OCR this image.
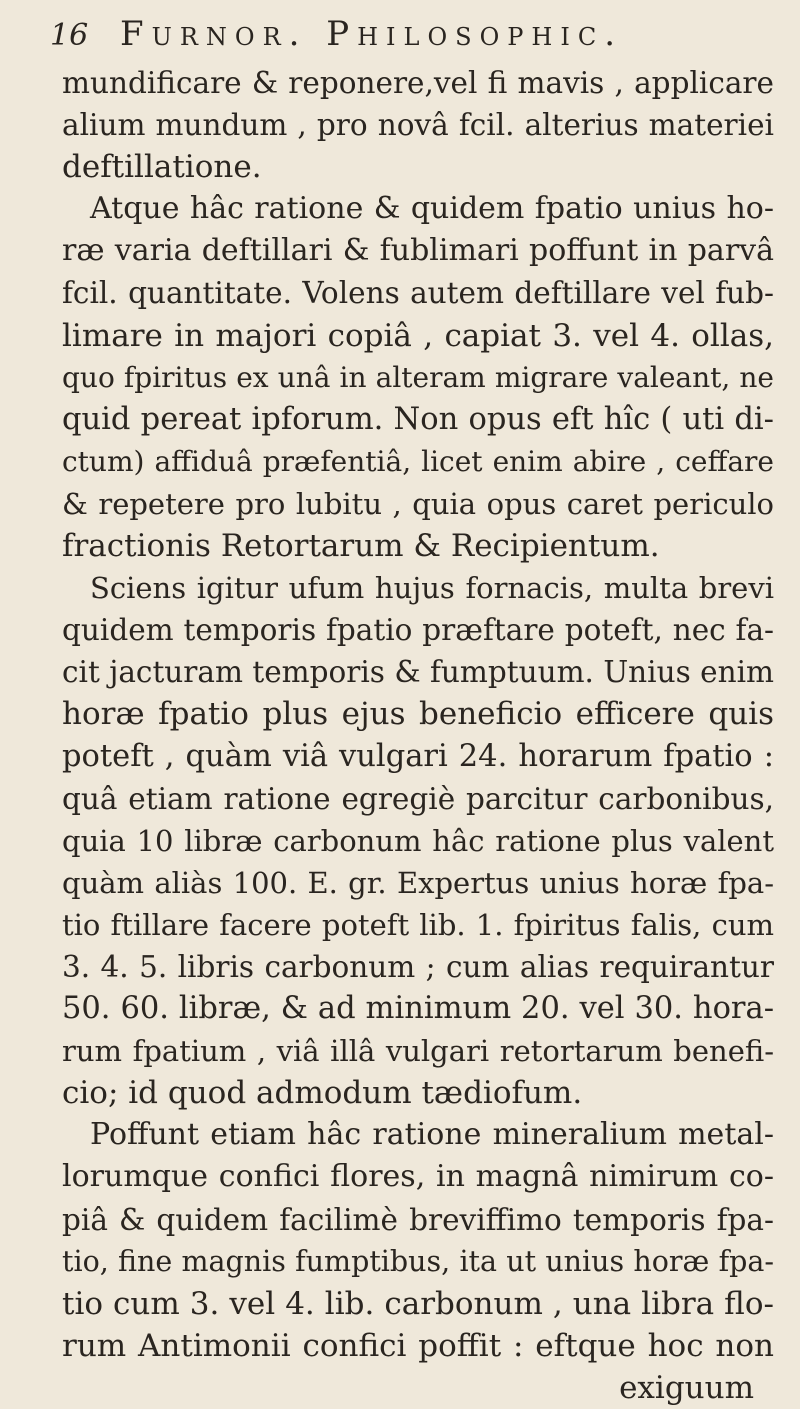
16 Furnor. Philosophic.
mundificare & reponere,vel fi mavis , applicare
alium mundum , pro novâ fcil. alterius materiei
deftillatione.
Atque hâc ratione & quidem fpatio unius ho-
ræ varia deftillari & fublimari poffunt in parvâ
fcil. quantitate. Volens autem deftillare vel fub-
limare in majori copiâ , capiat 3. vel 4. ollas,
quo fpiritus ex unâ in alteram migrare valeant, ne
quid pereat ipforum. Non opus eft hîc ( uti di-
ctum) affiduâ præfentiâ, licet enim abire , ceffare
& repetere pro lubitu , quia opus caret periculo
fractionis Retortarum & Recipientum.
Sciens igitur ufum hujus fornacis, multa brevi
quidem temporis fpatio præftare poteft, nec fa-
cit jacturam temporis & fumptuum. Unius enim
horæ fpatio plus ejus beneficio efficere quis
poteft , quàm viâ vulgari 24. horarum fpatio :
quâ etiam ratione egregiè parcitur carbonibus,
quia 10 libræ carbonum hâc ratione plus valent
quàm aliàs 100. E. gr. Expertus unius horæ fpa-
tio ftillare facere poteft lib. 1. fpiritus falis, cum
3. 4. 5. libris carbonum ; cum alias requirantur
50. 60. libræ, & ad minimum 20. vel 30. hora-
rum fpatium , viâ illâ vulgari retortarum benefi-
cio; id quod admodum tædiofum.
Poffunt etiam hâc ratione mineralium metal-
lorumque confici flores, in magnâ nimirum co-
piâ & quidem facilimè breviffimo temporis fpa-
tio, fine magnis fumptibus, ita ut unius horæ fpa-
tio cum 3. vel 4. lib. carbonum , una libra flo-
rum Antimonii confici poffit : eftque hoc non
exiguum
